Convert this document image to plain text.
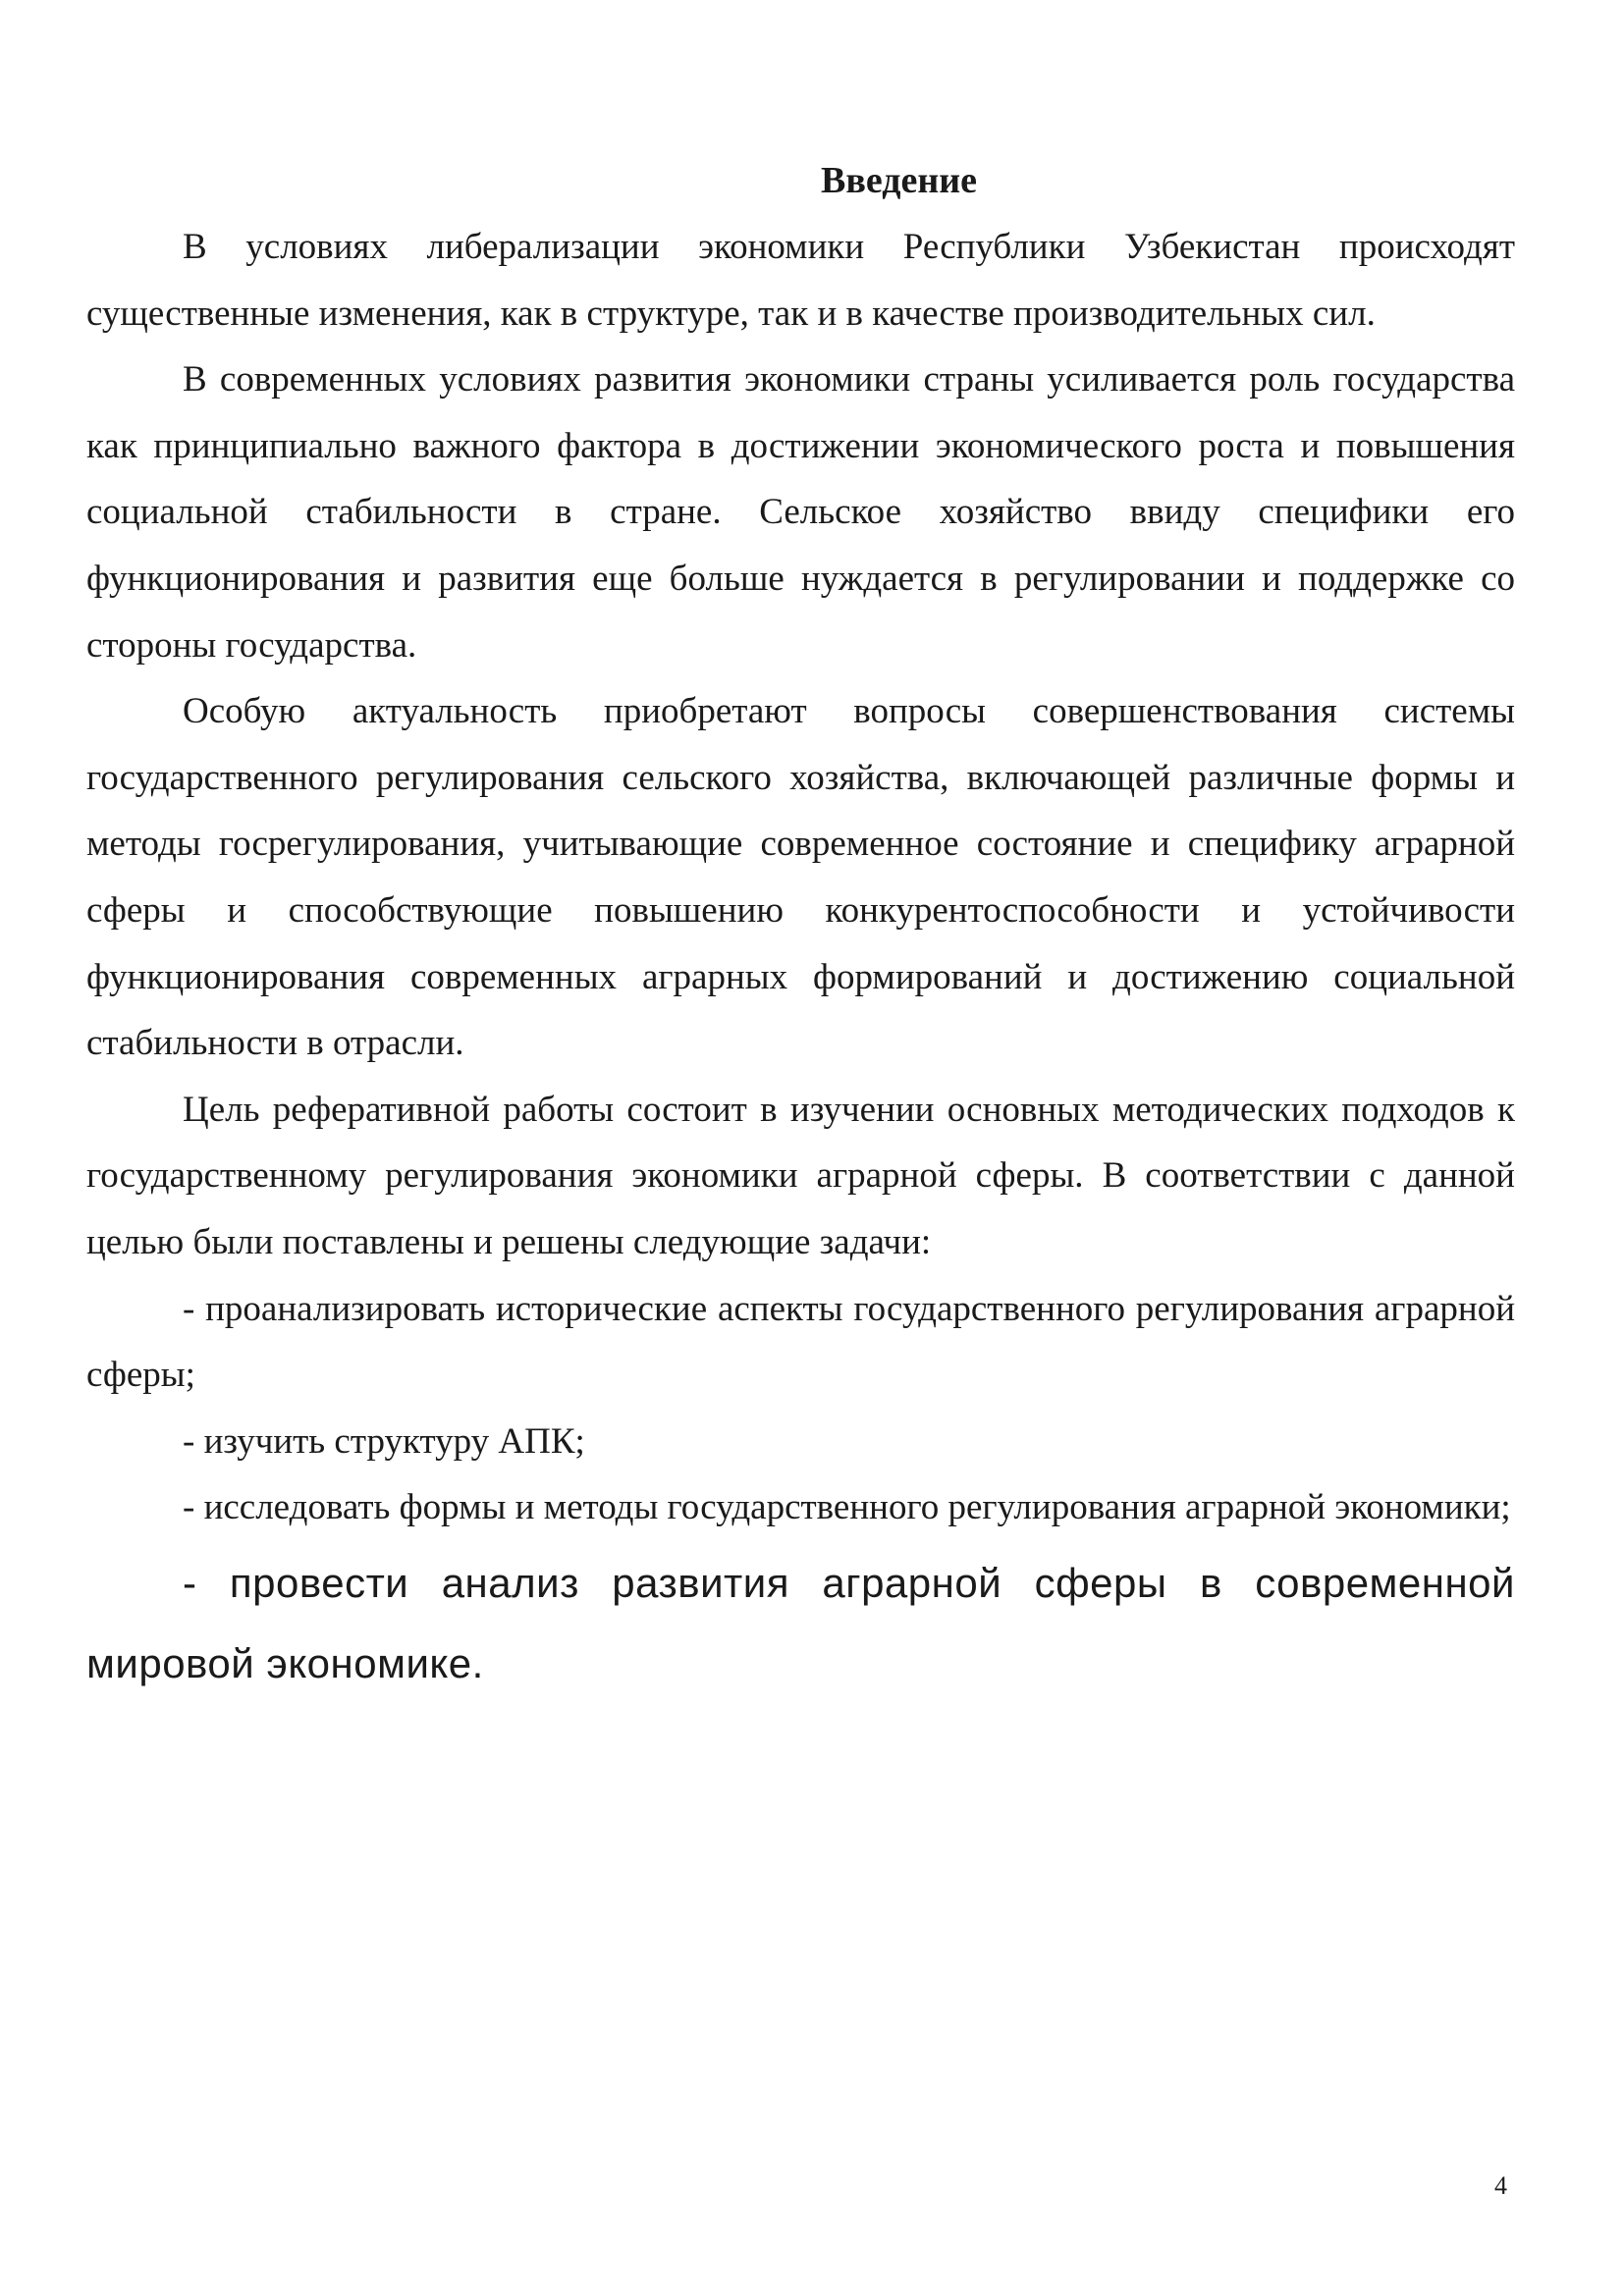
Введение

В условиях либерализации экономики Республики Узбекистан происходят существенные изменения, как в структуре, так и в качестве производительных сил.

В современных условиях развития экономики страны усиливается роль государства как принципиально важного фактора в достижении экономического роста и повышения социальной стабильности в стране. Сельское хозяйство ввиду специфики его функционирования и развития еще больше нуждается в регулировании и поддержке со стороны государства.

Особую актуальность приобретают вопросы совершенствования системы государственного регулирования сельского хозяйства, включающей различные формы и методы госрегулирования, учитывающие современное состояние и специфику аграрной сферы и способствующие повышению конкурентоспособности и устойчивости функционирования современных аграрных формирований и достижению социальной стабильности в отрасли.

Цель реферативной работы состоит в изучении основных методических подходов к государственному регулирования экономики аграрной сферы. В соответствии с данной целью были поставлены и решены следующие задачи:

- проанализировать исторические аспекты государственного регулирования аграрной сферы;

- изучить структуру АПК;

- исследовать формы и методы государственного регулирования аграрной экономики;

- провести анализ развития аграрной сферы в современной мировой экономике.

4
